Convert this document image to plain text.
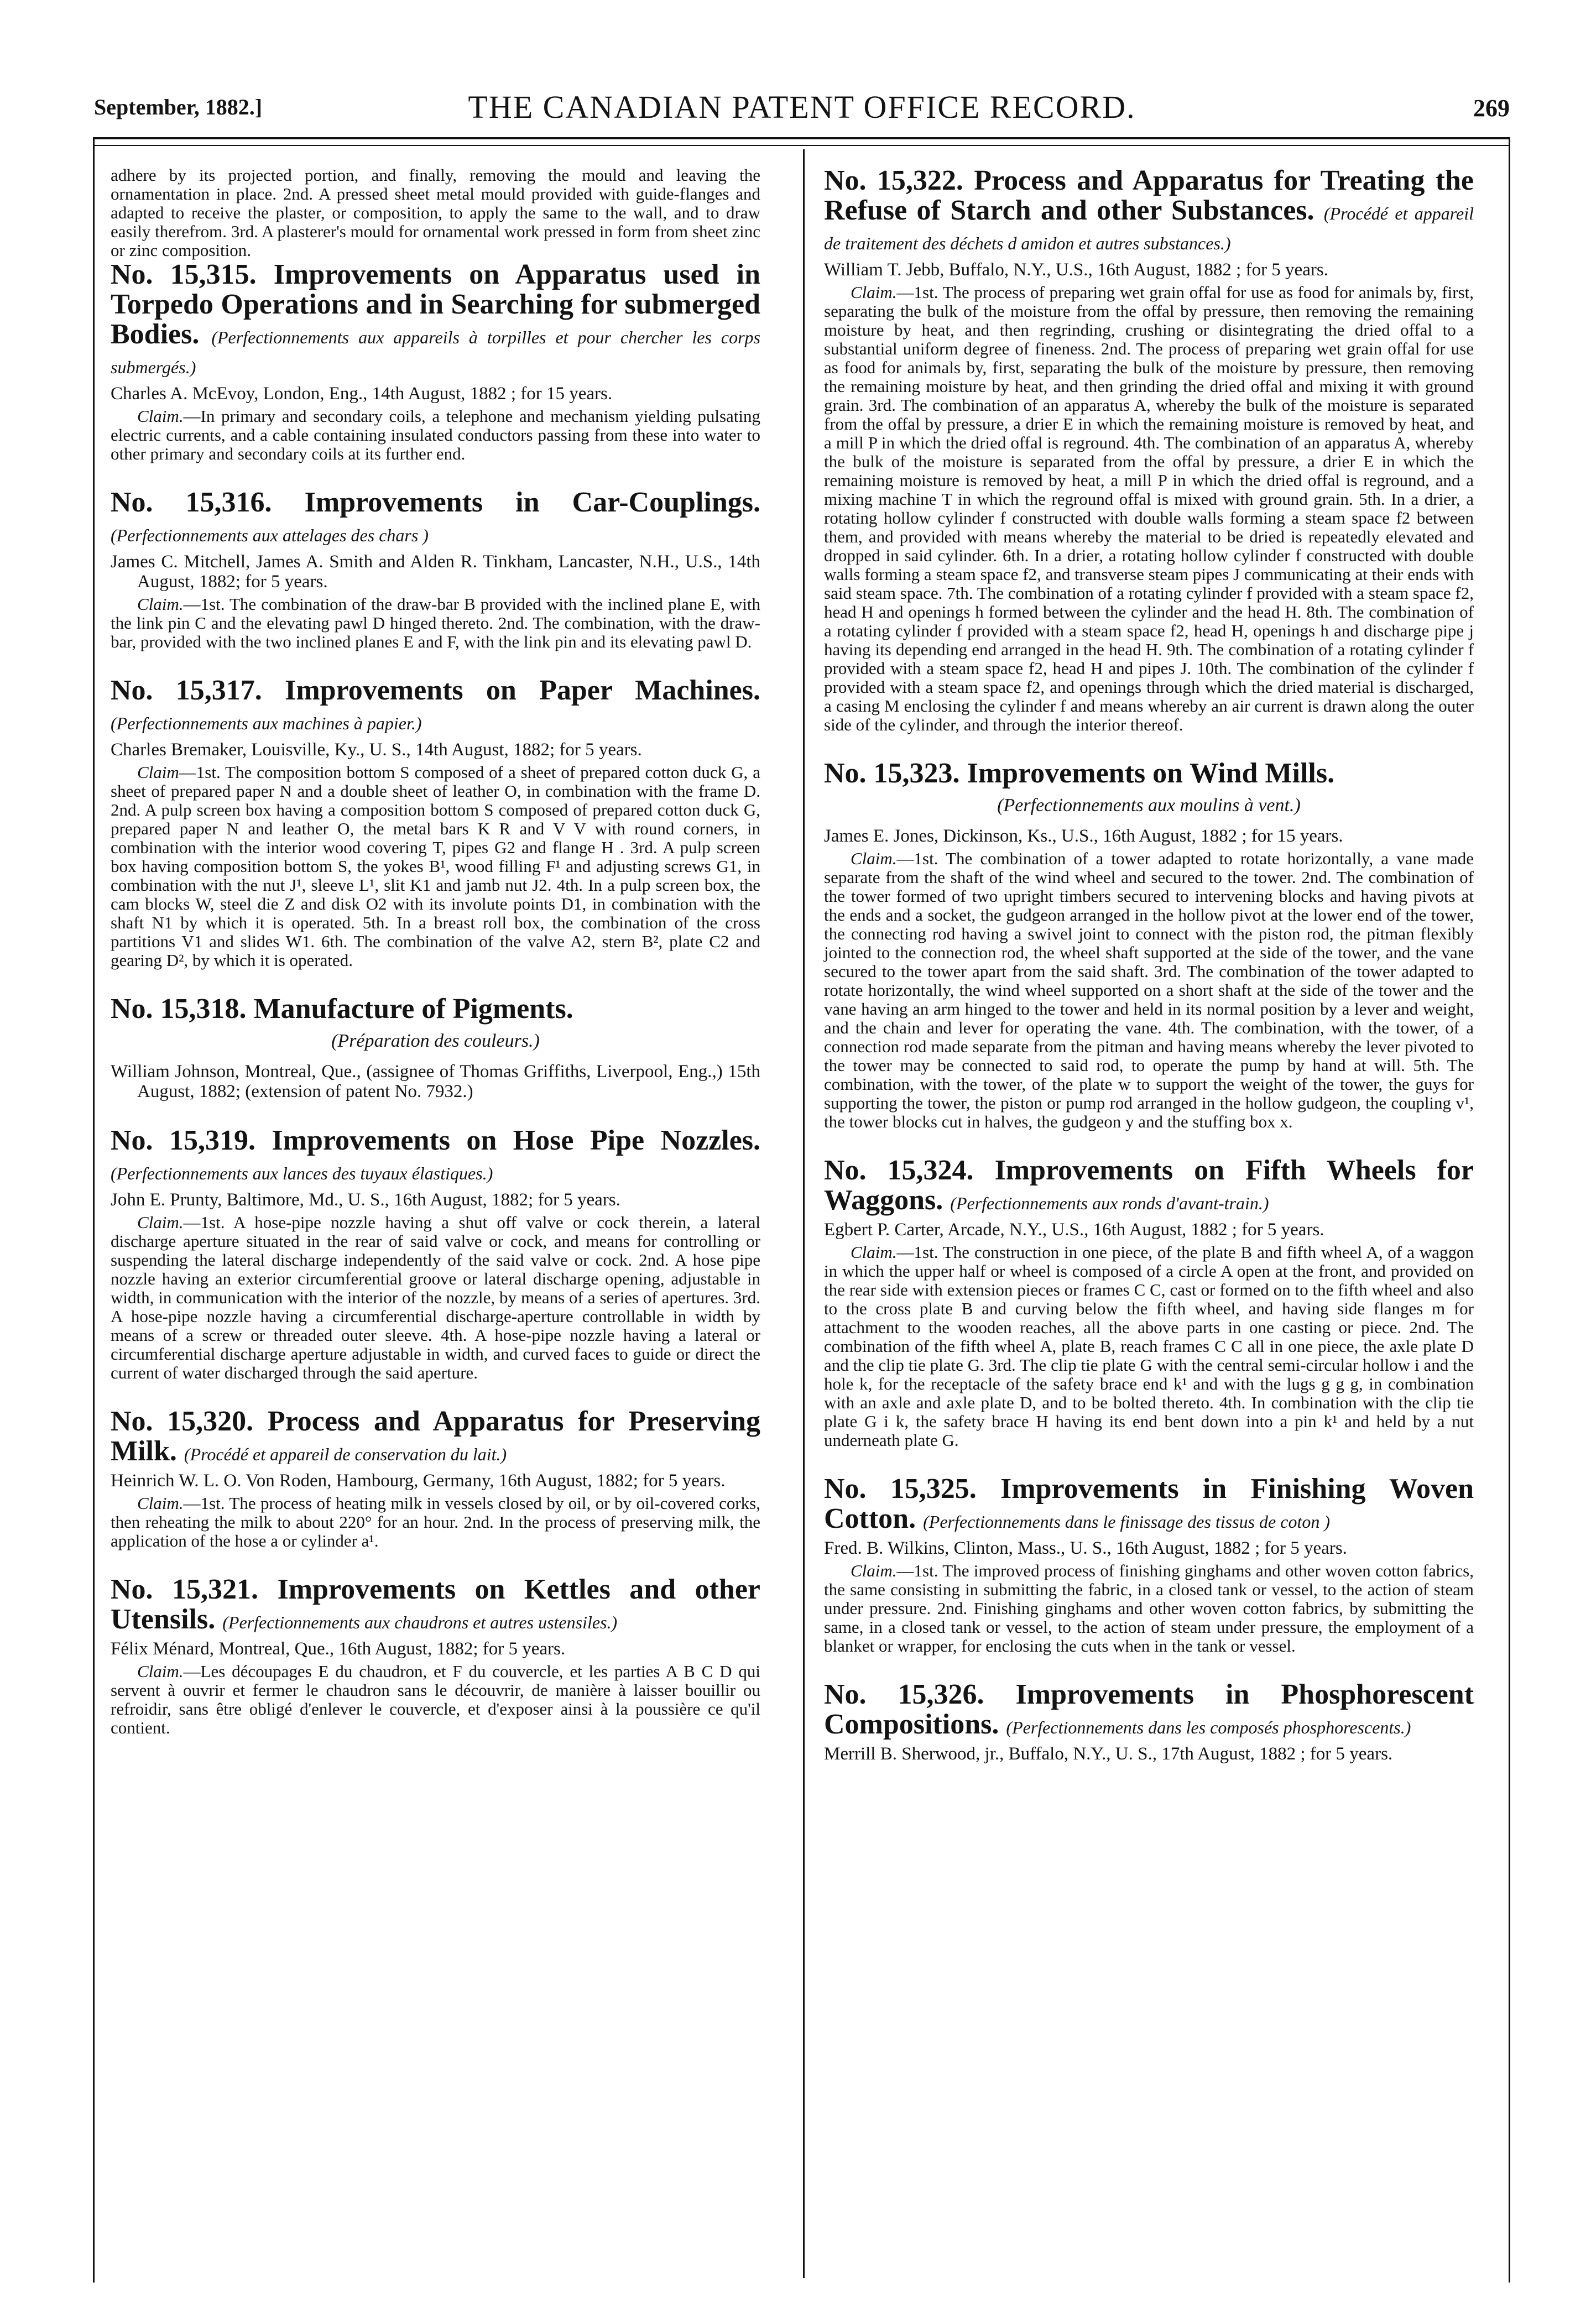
September, 1882.]	THE CANADIAN PATENT OFFICE RECORD.	269

adhere by its projected portion, and finally, removing the mould and leaving the ornamentation in place. 2nd. A pressed sheet metal mould provided with guide-flanges and adapted to receive the plaster, or composition, to apply the same to the wall, and to draw easily therefrom. 3rd. A plasterer's mould for ornamental work pressed in form from sheet zinc or zinc composition.

No. 15,315. Improvements on Apparatus used in Torpedo Operations and in Searching for submerged Bodies. (Perfectionnements aux appareils à torpilles et pour chercher les corps submergés.)

Charles A. McEvoy, London, Eng., 14th August, 1882 ; for 15 years.

Claim.—In primary and secondary coils, a telephone and mechanism yielding pulsating electric currents, and a cable containing insulated conductors passing from these into water to other primary and secondary coils at its further end.

No. 15,316. Improvements in Car-Couplings. (Perfectionnements aux attelages des chars )

James C. Mitchell, James A. Smith and Alden R. Tinkham, Lancaster, N.H., U.S., 14th August, 1882; for 5 years.

Claim.—1st. The combination of the draw-bar B provided with the inclined plane E, with the link pin C and the elevating pawl D hinged thereto. 2nd. The combination, with the draw-bar, provided with the two inclined planes E and F, with the link pin and its elevating pawl D.

No. 15,317. Improvements on Paper Machines. (Perfectionnements aux machines à papier.)

Charles Bremaker, Louisville, Ky., U. S., 14th August, 1882; for 5 years.

Claim—1st. The composition bottom S composed of a sheet of prepared cotton duck G, a sheet of prepared paper N and a double sheet of leather O, in combination with the frame D. 2nd. A pulp screen box having a composition bottom S composed of prepared cotton duck G, prepared paper N and leather O, the metal bars K R and V V with round corners, in combination with the interior wood covering T, pipes G2 and flange H . 3rd. A pulp screen box having composition bottom S, the yokes B¹, wood filling F¹ and adjusting screws G1, in combination with the nut J¹, sleeve L¹, slit K1 and jamb nut J2. 4th. In a pulp screen box, the cam blocks W, steel die Z and disk O2 with its involute points D1, in combination with the shaft N1 by which it is operated. 5th. In a breast roll box, the combination of the cross partitions V1 and slides W1. 6th. The combination of the valve A2, stern B², plate C2 and gearing D², by which it is operated.

No. 15,318. Manufacture of Pigments.
(Préparation des couleurs.)

William Johnson, Montreal, Que., (assignee of Thomas Griffiths, Liverpool, Eng.,) 15th August, 1882; (extension of patent No. 7932.)

No. 15,319. Improvements on Hose Pipe Nozzles. (Perfectionnements aux lances des tuyaux élastiques.)

John E. Prunty, Baltimore, Md., U. S., 16th August, 1882; for 5 years.

Claim.—1st. A hose-pipe nozzle having a shut off valve or cock therein, a lateral discharge aperture situated in the rear of said valve or cock, and means for controlling or suspending the lateral discharge independently of the said valve or cock. 2nd. A hose pipe nozzle having an exterior circumferential groove or lateral discharge opening, adjustable in width, in communication with the interior of the nozzle, by means of a series of apertures. 3rd. A hose-pipe nozzle having a circumferential discharge-aperture controllable in width by means of a screw or threaded outer sleeve. 4th. A hose-pipe nozzle having a lateral or circumferential discharge aperture adjustable in width, and curved faces to guide or direct the current of water discharged through the said aperture.

No. 15,320. Process and Apparatus for Preserving Milk. (Procédé et appareil de conservation du lait.)

Heinrich W. L. O. Von Roden, Hambourg, Germany, 16th August, 1882; for 5 years.

Claim.—1st. The process of heating milk in vessels closed by oil, or by oil-covered corks, then reheating the milk to about 220° for an hour. 2nd. In the process of preserving milk, the application of the hose a or cylinder a¹.

No. 15,321. Improvements on Kettles and other Utensils. (Perfectionnements aux chaudrons et autres ustensiles.)

Félix Ménard, Montreal, Que., 16th August, 1882; for 5 years.

Claim.—Les découpages E du chaudron, et F du couvercle, et les parties A B C D qui servent à ouvrir et fermer le chaudron sans le découvrir, de manière à laisser bouillir ou refroidir, sans être obligé d'enlever le couvercle, et d'exposer ainsi à la poussière ce qu'il contient.

No. 15,322. Process and Apparatus for Treating the Refuse of Starch and other Substances. (Procédé et appareil de traitement des déchets d amidon et autres substances.)

William T. Jebb, Buffalo, N.Y., U.S., 16th August, 1882 ; for 5 years.

Claim.—1st. The process of preparing wet grain offal for use as food for animals by, first, separating the bulk of the moisture from the offal by pressure, then removing the remaining moisture by heat, and then regrinding, crushing or disintegrating the dried offal to a substantial uniform degree of fineness. 2nd. The process of preparing wet grain offal for use as food for animals by, first, separating the bulk of the moisture by pressure, then removing the remaining moisture by heat, and then grinding the dried offal and mixing it with ground grain. 3rd. The combination of an apparatus A, whereby the bulk of the moisture is separated from the offal by pressure, a drier E in which the remaining moisture is removed by heat, and a mill P in which the dried offal is reground. 4th. The combination of an apparatus A, whereby the bulk of the moisture is separated from the offal by pressure, a drier E in which the remaining moisture is removed by heat, a mill P in which the dried offal is reground, and a mixing machine T in which the reground offal is mixed with ground grain. 5th. In a drier, a rotating hollow cylinder f constructed with double walls forming a steam space f2 between them, and provided with means whereby the material to be dried is repeatedly elevated and dropped in said cylinder. 6th. In a drier, a rotating hollow cylinder f constructed with double walls forming a steam space f2, and transverse steam pipes J communicating at their ends with said steam space. 7th. The combination of a rotating cylinder f provided with a steam space f2, head H and openings h formed between the cylinder and the head H. 8th. The combination of a rotating cylinder f provided with a steam space f2, head H, openings h and discharge pipe j having its depending end arranged in the head H. 9th. The combination of a rotating cylinder f provided with a steam space f2, head H and pipes J. 10th. The combination of the cylinder f provided with a steam space f2, and openings through which the dried material is discharged, a casing M enclosing the cylinder f and means whereby an air current is drawn along the outer side of the cylinder, and through the interior thereof.

No. 15,323. Improvements on Wind Mills.
(Perfectionnements aux moulins à vent.)

James E. Jones, Dickinson, Ks., U.S., 16th August, 1882 ; for 15 years.

Claim.—1st. The combination of a tower adapted to rotate horizontally, a vane made separate from the shaft of the wind wheel and secured to the tower. 2nd. The combination of the tower formed of two upright timbers secured to intervening blocks and having pivots at the ends and a socket, the gudgeon arranged in the hollow pivot at the lower end of the tower, the connecting rod having a swivel joint to connect with the piston rod, the pitman flexibly jointed to the connection rod, the wheel shaft supported at the side of the tower, and the vane secured to the tower apart from the said shaft. 3rd. The combination of the tower adapted to rotate horizontally, the wind wheel supported on a short shaft at the side of the tower and the vane having an arm hinged to the tower and held in its normal position by a lever and weight, and the chain and lever for operating the vane. 4th. The combination, with the tower, of a connection rod made separate from the pitman and having means whereby the lever pivoted to the tower may be connected to said rod, to operate the pump by hand at will. 5th. The combination, with the tower, of the plate w to support the weight of the tower, the guys for supporting the tower, the piston or pump rod arranged in the hollow gudgeon, the coupling v¹, the tower blocks cut in halves, the gudgeon y and the stuffing box x.

No. 15,324. Improvements on Fifth Wheels for Waggons. (Perfectionnements aux ronds d'avant-train.)

Egbert P. Carter, Arcade, N.Y., U.S., 16th August, 1882 ; for 5 years.

Claim.—1st. The construction in one piece, of the plate B and fifth wheel A, of a waggon in which the upper half or wheel is composed of a circle A open at the front, and provided on the rear side with extension pieces or frames C C, cast or formed on to the fifth wheel and also to the cross plate B and curving below the fifth wheel, and having side flanges m for attachment to the wooden reaches, all the above parts in one casting or piece. 2nd. The combination of the fifth wheel A, plate B, reach frames C C all in one piece, the axle plate D and the clip tie plate G. 3rd. The clip tie plate G with the central semi-circular hollow i and the hole k, for the receptacle of the safety brace end k¹ and with the lugs g g g, in combination with an axle and axle plate D, and to be bolted thereto. 4th. In combination with the clip tie plate G i k, the safety brace H having its end bent down into a pin k¹ and held by a nut underneath plate G.

No. 15,325. Improvements in Finishing Woven Cotton. (Perfectionnements dans le finissage des tissus de coton )

Fred. B. Wilkins, Clinton, Mass., U. S., 16th August, 1882 ; for 5 years.

Claim.—1st. The improved process of finishing ginghams and other woven cotton fabrics, the same consisting in submitting the fabric, in a closed tank or vessel, to the action of steam under pressure. 2nd. Finishing ginghams and other woven cotton fabrics, by submitting the same, in a closed tank or vessel, to the action of steam under pressure, the employment of a blanket or wrapper, for enclosing the cuts when in the tank or vessel.

No. 15,326. Improvements in Phosphorescent Compositions. (Perfectionnements dans les composés phosphorescents.)

Merrill B. Sherwood, jr., Buffalo, N.Y., U. S., 17th August, 1882 ; for 5 years.
